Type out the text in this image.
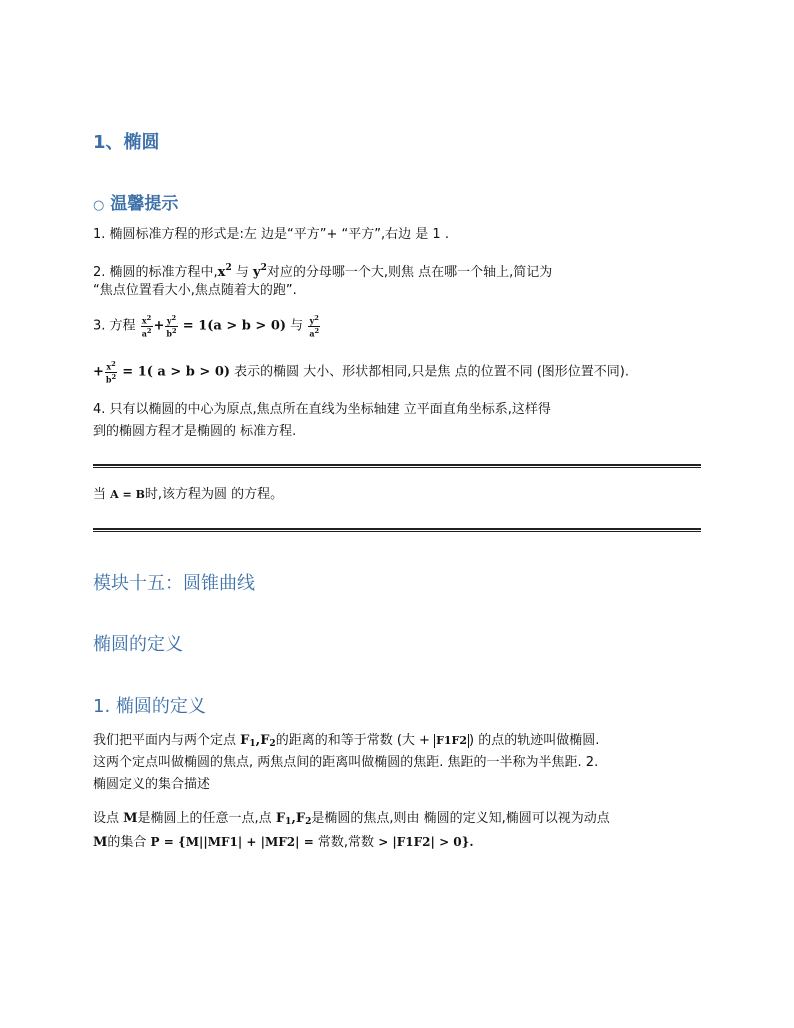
1、椭圆
○ 温馨提示
1. 椭圆标准方程的形式是:左 边是“平方”+ “平方”,右边 是 1 .
2. 椭圆的标准方程中$,x^2$ 与 $y^2$对应的分母哪一个大,则焦 点在哪一个轴上,简记为
“焦点位置看大小,焦点随着大的跑”.
3. 方程 $\frac{x^2}{a^2} + \frac{y^2}{b^2} = 1(a > b > 0)$ 与 $\frac{y^2}{a^2}$
+ $\frac{x^2}{b^2} = 1$( a > b > 0) 表示的椭圆 大小、形状都相同,只是焦 点的位置不同 (图形位置不同).
4. 只有以椭圆的中心为原点,焦点所在直线为坐标轴建 立平面直角坐标系,这样得
到的椭圆方程才是椭圆的 标准方程.
当 A = B时,该方程为圆 的方程。
模块十五：圆锥曲线
椭圆的定义
1. 椭圆的定义
我们把平面内与两个定点 $F_1,F_2$的距离的和等于常数 (大 + F1F2 ) 的点的轨迹叫做椭圆.
这两个定点叫做椭圆的焦点, 两焦点间的距离叫做椭圆的焦距. 焦距的一半称为半焦距. 2.
椭圆定义的集合描述
设点 M是椭圆上的任意一点,点 $F_1,F_2$是椭圆的焦点,则由 椭圆的定义知,椭圆可以视为动点
M的集合 P = {M||MF1| + |MF2| = 常数,常数 > |F1F2| > 0}.
